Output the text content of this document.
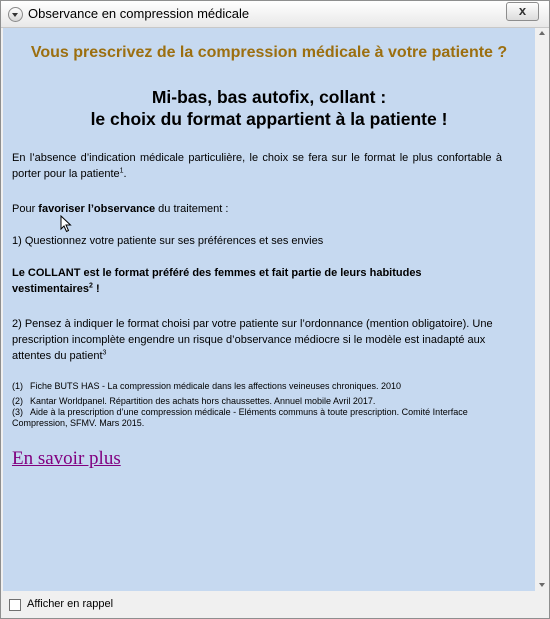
Observance en compression médicale	x
Vous prescrivez de la compression médicale à votre patiente ?
Mi-bas, bas autofix, collant :
le choix du format appartient à la patiente !
En l’absence d’indication médicale particulière, le choix se fera sur le format le plus confortable à porter pour la patiente$^1$.
Pour favoriser l’observance du traitement :
1) Questionnez votre patiente sur ses préférences et ses envies
Le COLLANT est le format préféré des femmes et fait partie de leurs habitudes vestimentaires$^2$ !
2) Pensez à indiquer le format choisi par votre patiente sur l’ordonnance (mention obligatoire). Une prescription incomplète engendre un risque d’observance médiocre si le modèle est inadapté aux attentes du patient$^3$
(1) Fiche BUTS HAS - La compression médicale dans les affections veineuses chroniques. 2010
(2) Kantar Worldpanel. Répartition des achats hors chaussettes. Annuel mobile Avril 2017.
(3) Aide à la prescription d’une compression médicale - Eléments communs à toute prescription. Comité Interface Compression, SFMV. Mars 2015.
En savoir plus
Afficher en rappel
